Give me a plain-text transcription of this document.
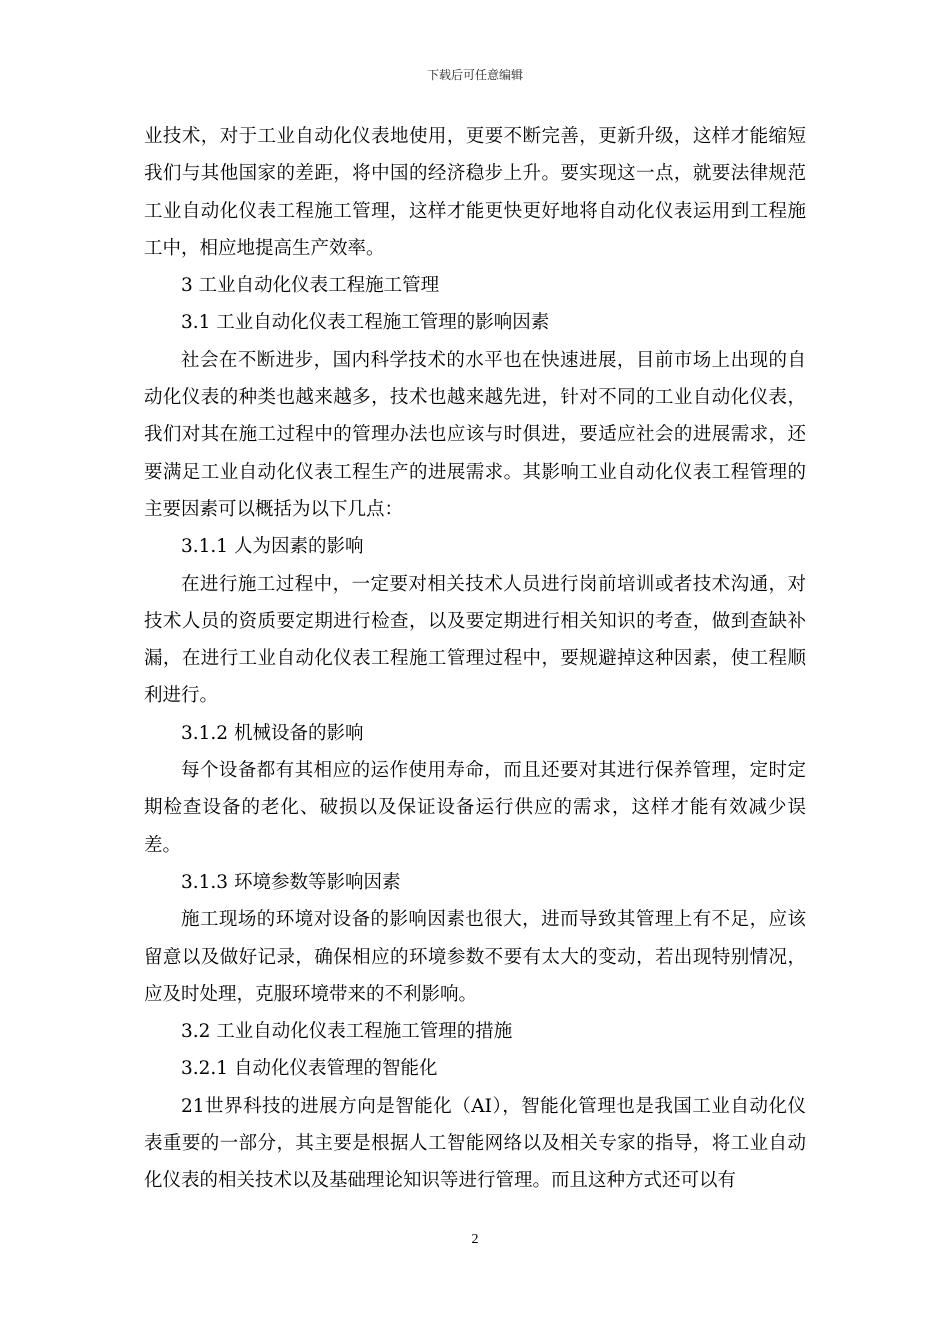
下载后可任意编辑

业技术，对于工业自动化仪表地使用，更要不断完善，更新升级，这样才能缩短我们与其他国家的差距，将中国的经济稳步上升。要实现这一点，就要法律规范工业自动化仪表工程施工管理，这样才能更快更好地将自动化仪表运用到工程施工中，相应地提高生产效率。

3 工业自动化仪表工程施工管理

3.1 工业自动化仪表工程施工管理的影响因素

社会在不断进步，国内科学技术的水平也在快速进展，目前市场上出现的自动化仪表的种类也越来越多，技术也越来越先进，针对不同的工业自动化仪表，我们对其在施工过程中的管理办法也应该与时俱进，要适应社会的进展需求，还要满足工业自动化仪表工程生产的进展需求。其影响工业自动化仪表工程管理的主要因素可以概括为以下几点：

3.1.1 人为因素的影响

在进行施工过程中，一定要对相关技术人员进行岗前培训或者技术沟通，对技术人员的资质要定期进行检查，以及要定期进行相关知识的考查，做到查缺补漏，在进行工业自动化仪表工程施工管理过程中，要规避掉这种因素，使工程顺利进行。

3.1.2 机械设备的影响

每个设备都有其相应的运作使用寿命，而且还要对其进行保养管理，定时定期检查设备的老化、破损以及保证设备运行供应的需求，这样才能有效减少误差。

3.1.3 环境参数等影响因素

施工现场的环境对设备的影响因素也很大，进而导致其管理上有不足，应该留意以及做好记录，确保相应的环境参数不要有太大的变动，若出现特别情况，应及时处理，克服环境带来的不利影响。

3.2 工业自动化仪表工程施工管理的措施

3.2.1 自动化仪表管理的智能化

21世界科技的进展方向是智能化（AI），智能化管理也是我国工业自动化仪表重要的一部分，其主要是根据人工智能网络以及相关专家的指导，将工业自动化仪表的相关技术以及基础理论知识等进行管理。而且这种方式还可以有

2
